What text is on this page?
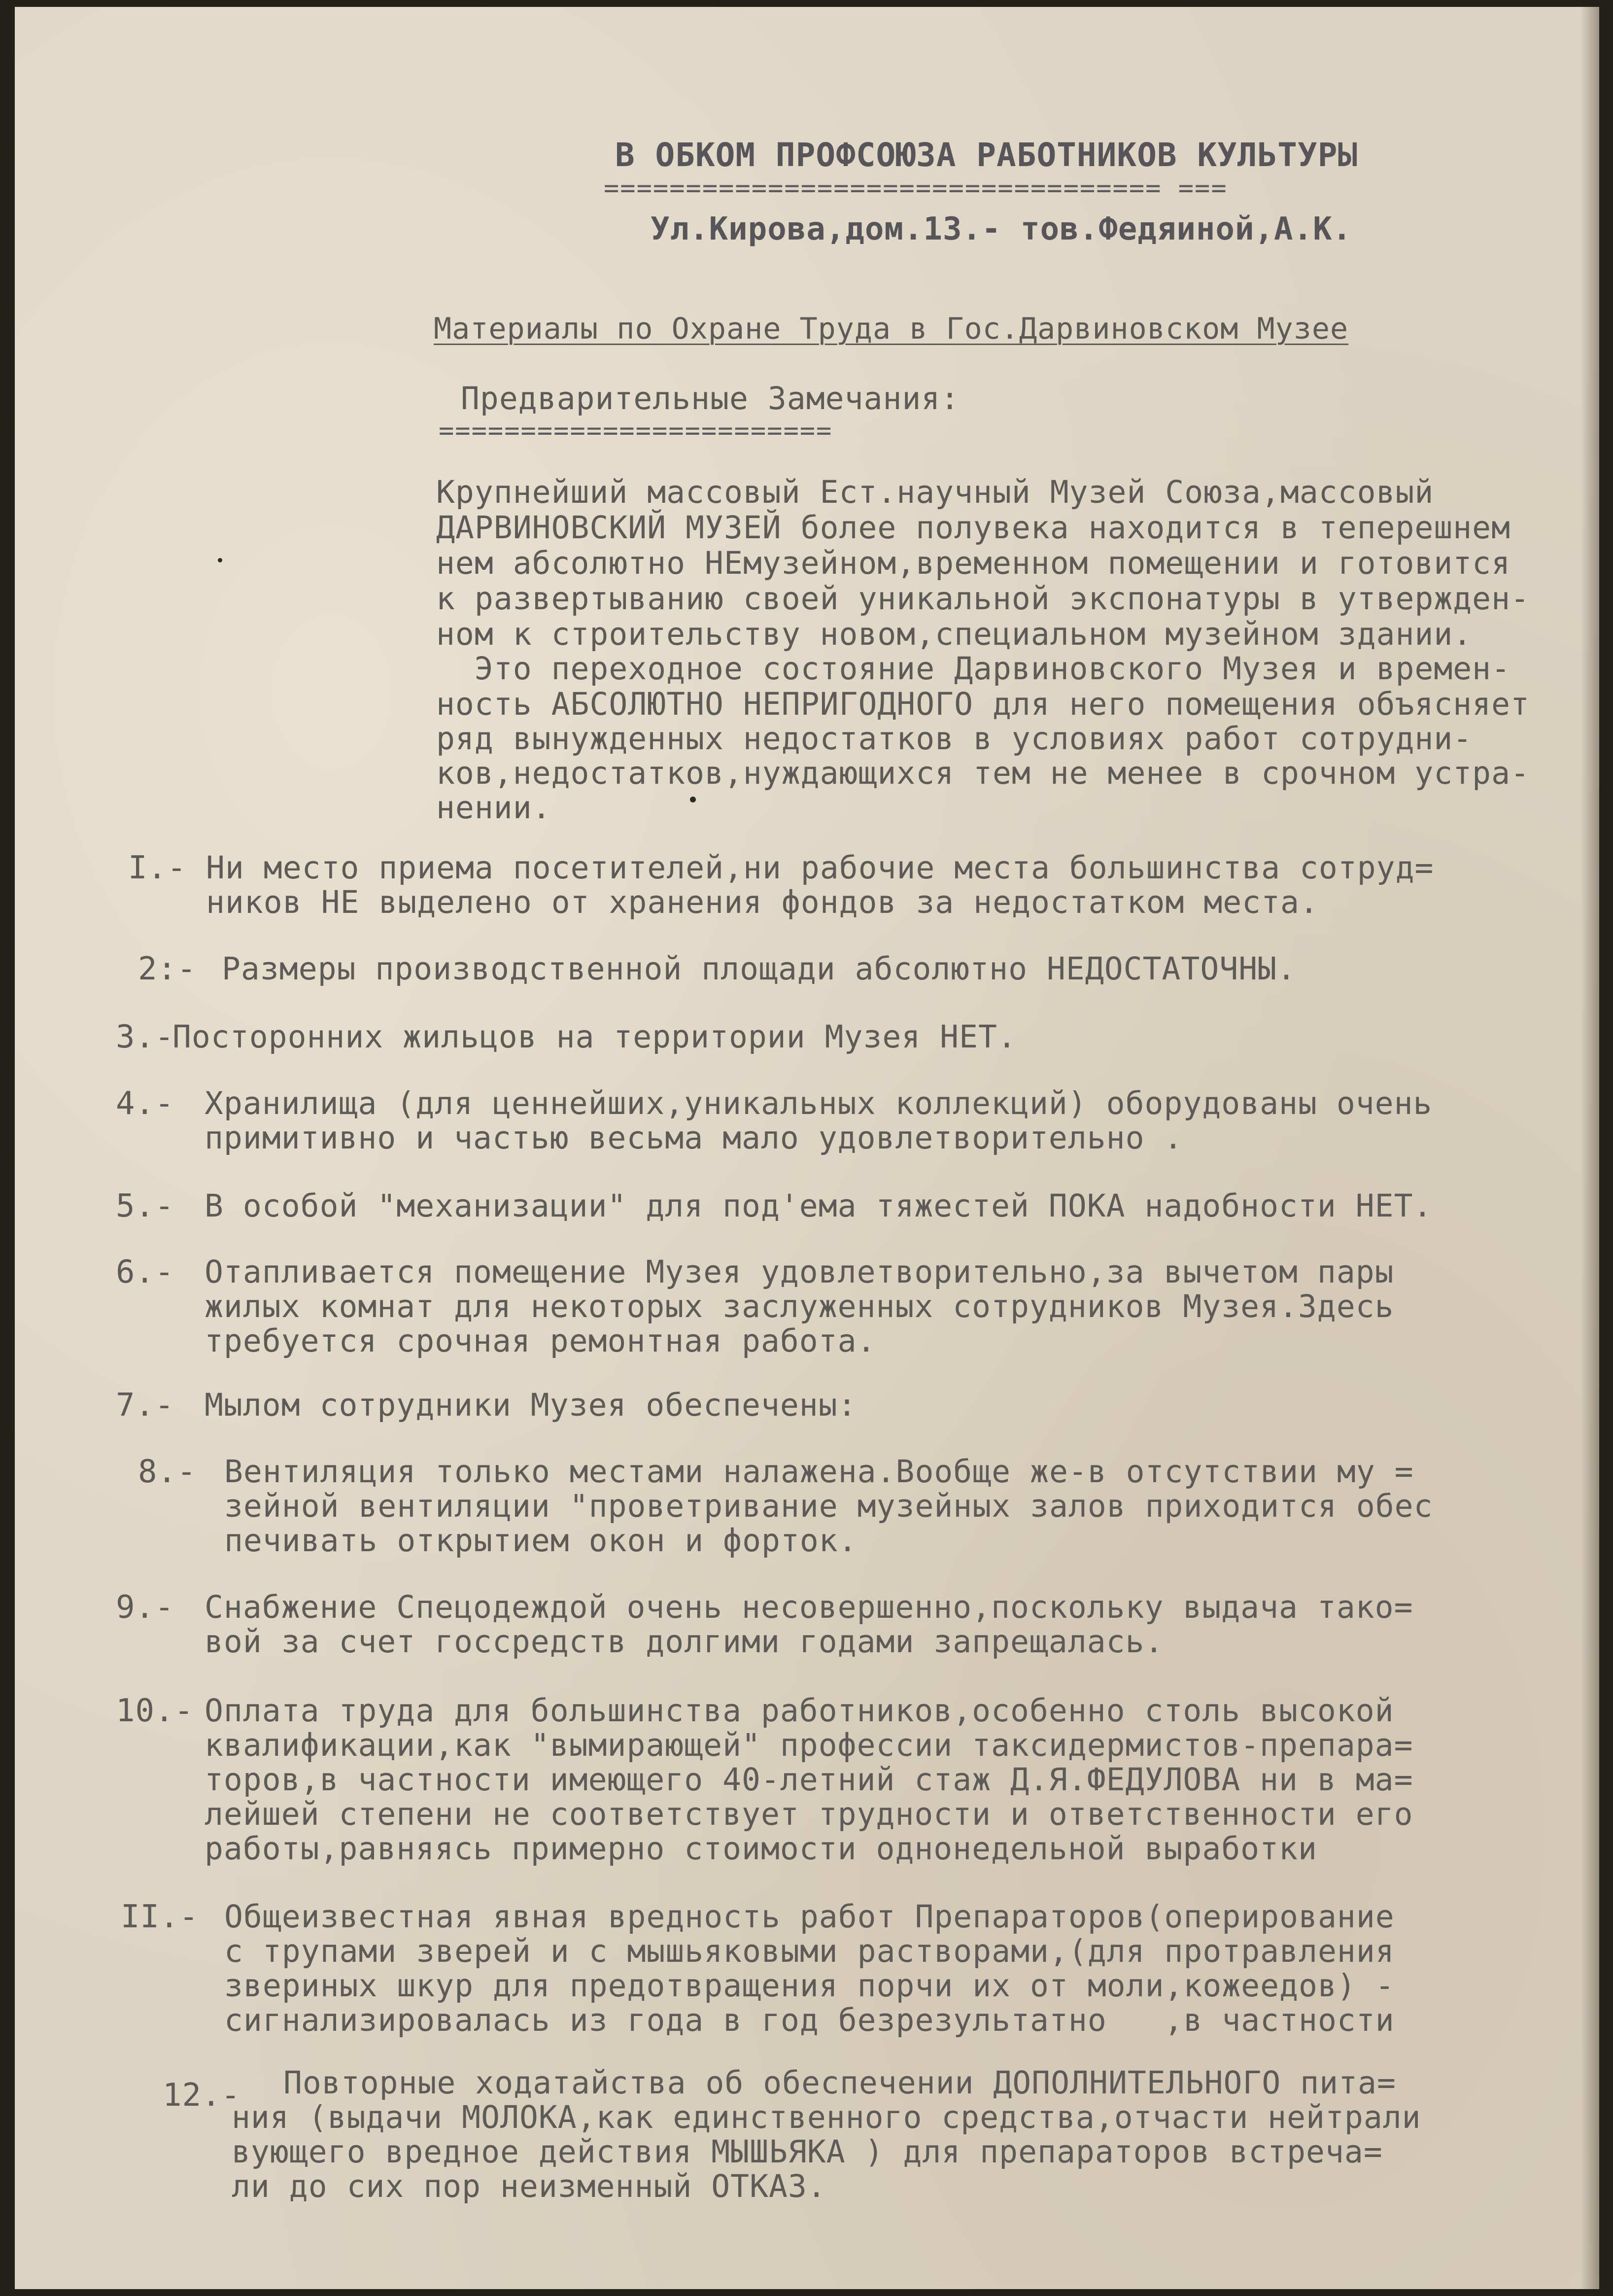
В ОБКОМ ПРОФСОЮЗА РАБОТНИКОВ КУЛЬТУРЫ
================================== ===
Ул.Кирова,дом.13.- тов.Федяиной,А.К.
Материалы по Охране Труда в Гос.Дарвиновском Музее
Предварительные Замечания:
========================
Крупнейший массовый Ест.научный Музей Союза,массовый
ДАРВИНОВСКИЙ МУЗЕЙ более полувека находится в теперешнем
нем абсолютно НЕмузейном,временном помещении и готовится
к развертыванию своей уникальной экспонатуры в утвержден-
ном к строительству новом,специальном музейном здании.
Это переходное состояние Дарвиновского Музея и времен-
ность АБСОЛЮТНО НЕПРИГОДНОГО для него помещения объясняет
ряд вынужденных недостатков в условиях работ сотрудни-
ков,недостатков,нуждающихся тем не менее в срочном устра-
нении.
I.- Ни место приема посетителей,ни рабочие места большинства сотруд=
ников НЕ выделено от хранения фондов за недостатком места.
2:- Размеры производственной площади абсолютно НЕДОСТАТОЧНЫ.
3.-
Посторонних жильцов на территории Музея НЕТ.
4.- Хранилища (для ценнейших,уникальных коллекций) оборудованы очень
примитивно и частью весьма мало удовлетворительно .
5.- В особой "механизации" для под'ема тяжестей ПОКА надобности НЕТ.
6.- Отапливается помещение Музея удовлетворительно,за вычетом пары
жилых комнат для некоторых заслуженных сотрудников Музея.Здесь
требуется срочная ремонтная работа.
7.- Мылом сотрудники Музея обеспечены:
8.- Вентиляция только местами налажена.Вообще же-в отсутствии му =
зейной вентиляции "проветривание музейных залов приходится обес
печивать открытием окон и форток.
9.- Снабжение Спецодеждой очень несовершенно,поскольку выдача тако=
вой за счет госсредств долгими годами запрещалась.
10.- Оплата труда для большинства работников,особенно столь высокой
квалификации,как "вымирающей" профессии таксидермистов-препара=
торов,в частности имеющего 40-летний стаж Д.Я.ФЕДУЛОВА ни в ма=
лейшей степени не соответствует трудности и ответственности его
работы,равняясь примерно стоимости однонедельной выработки
II.- Общеизвестная явная вредность работ Препараторов(оперирование
с трупами зверей и с мышьяковыми растворами,(для протравления
звериных шкур для предотвращения порчи их от моли,кожеедов) -
сигнализировалась из года в год безрезультатно   ,в частности
12.- Повторные ходатайства об обеспечении ДОПОЛНИТЕЛЬНОГО пита=
ния (выдачи МОЛОКА,как единственного средства,отчасти нейтрали
вующего вредное действия МЫШЬЯКА ) для препараторов встреча=
ли до сих пор неизменный ОТКАЗ.
